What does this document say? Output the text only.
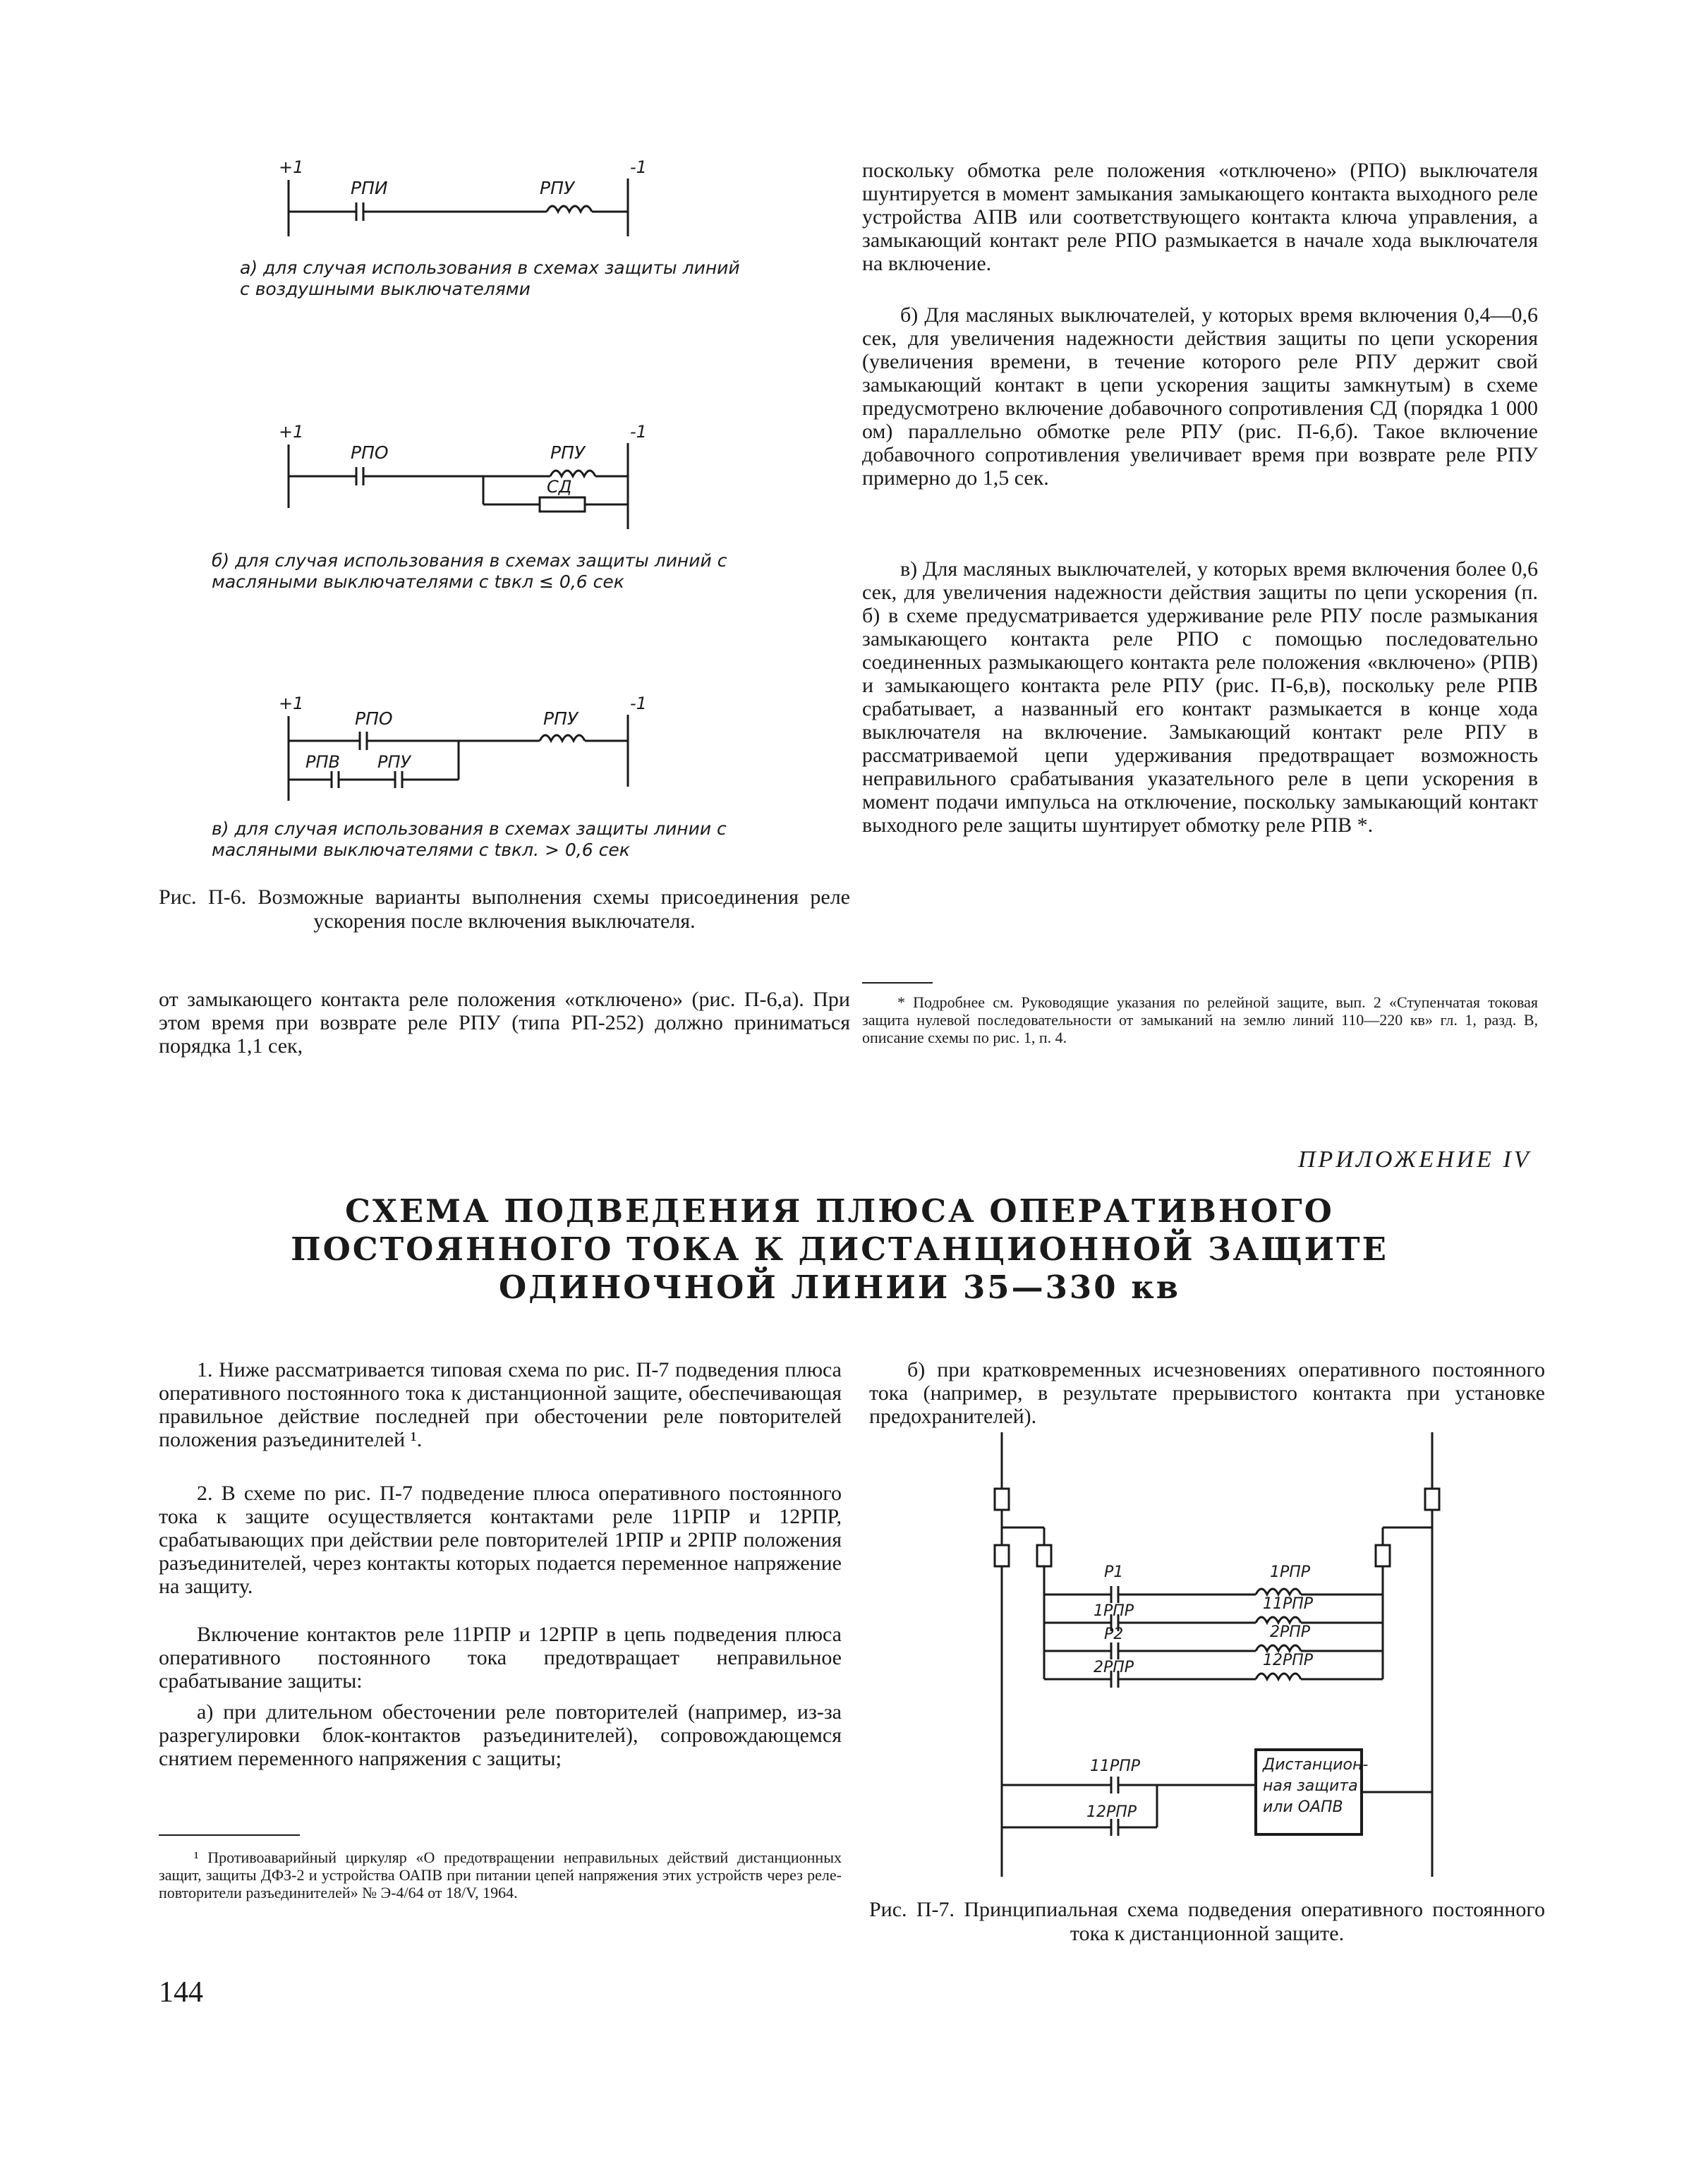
+1	-1
РПИ	РПУ
а) для случая использования в схемах защиты линий с воздушными выключателями
+1	-1
РПО	РПУ
СД
б) для случая использования в схемах защиты линий с масляными выключателями с tвкл ≤ 0,6 сек
+1	-1
РПО	РПУ
РПВ РПУ
в) для случая использования в схемах защиты линии с масляными выключателями с tвкл. > 0,6 сек
Рис. П-6. Возможные варианты выполнения схемы присоединения реле ускорения после включения выключателя.
от замыкающего контакта реле положения «отключено» (рис. П-6,а). При этом время при возврате реле РПУ (типа РП-252) должно приниматься порядка 1,1 сек,

поскольку обмотка реле положения «отключено» (РПО) выключателя шунтируется в момент замыкания замыкающего контакта выходного реле устройства АПВ или соответствующего контакта ключа управления, а замыкающий контакт реле РПО размыкается в начале хода выключателя на включение.

б) Для масляных выключателей, у которых время включения 0,4—0,6 сек, для увеличения надежности действия защиты по цепи ускорения (увеличения времени, в течение которого реле РПУ держит свой замыкающий контакт в цепи ускорения защиты замкнутым) в схеме предусмотрено включение добавочного сопротивления СД (порядка 1 000 ом) параллельно обмотке реле РПУ (рис. П-6,б). Такое включение добавочного сопротивления увеличивает время при возврате реле РПУ примерно до 1,5 сек.

в) Для масляных выключателей, у которых время включения более 0,6 сек, для увеличения надежности действия защиты по цепи ускорения (п. б) в схеме предусматривается удерживание реле РПУ после размыкания замыкающего контакта реле РПО с помощью последовательно соединенных размыкающего контакта реле положения «включено» (РПВ) и замыкающего контакта реле РПУ (рис. П-6,в), поскольку реле РПВ срабатывает, а названный его контакт размыкается в конце хода выключателя на включение. Замыкающий контакт реле РПУ в рассматриваемой цепи удерживания предотвращает возможность неправильного срабатывания указательного реле в цепи ускорения в момент подачи импульса на отключение, поскольку замыкающий контакт выходного реле защиты шунтирует обмотку реле РПВ *.

* Подробнее см. Руководящие указания по релейной защите, вып. 2 «Ступенчатая токовая защита нулевой последовательности от замыканий на землю линий 110—220 кв» гл. 1, разд. В, описание схемы по рис. 1, п. 4.
ПРИЛОЖЕНИЕ IV
СХЕМА ПОДВЕДЕНИЯ ПЛЮСА ОПЕРАТИВНОГО
ПОСТОЯННОГО ТОКА К ДИСТАНЦИОННОЙ ЗАЩИТЕ
ОДИНОЧНОЙ ЛИНИИ 35—330 кв

1. Ниже рассматривается типовая схема по рис. П-7 подведения плюса оперативного постоянного тока к дистанционной защите, обеспечивающая правильное действие последней при обесточении реле повторителей положения разъединителей ¹.

2. В схеме по рис. П-7 подведение плюса оперативного постоянного тока к защите осуществляется контактами реле 11РПР и 12РПР, срабатывающих при действии реле повторителей 1РПР и 2РПР положения разъединителей, через контакты которых подается переменное напряжение на защиту.

Включение контактов реле 11РПР и 12РПР в цепь подведения плюса оперативного постоянного тока предотвращает неправильное срабатывание защиты:

а) при длительном обесточении реле повторителей (например, из-за разрегулировки блок-контактов разъединителей), сопровождающемся снятием переменного напряжения с защиты;

¹ Противоаварийный циркуляр «О предотвращении неправильных действий дистанционных защит, защиты ДФЗ-2 и устройства ОАПВ при питании цепей напряжения этих устройств через реле-повторители разъединителей» № Э-4/64 от 18/V, 1964.
144

б) при кратковременных исчезновениях оперативного постоянного тока (например, в результате прерывистого контакта при установке предохранителей).

Р1	1РПР
1РПР	11РПР
Р2	2РПР
2РПР	12РПР
11РПР
12РПР
Дистанцион-
ная защита
или ОАПВ
Рис. П-7. Принципиальная схема подведения оперативного постоянного тока к дистанционной защите.
